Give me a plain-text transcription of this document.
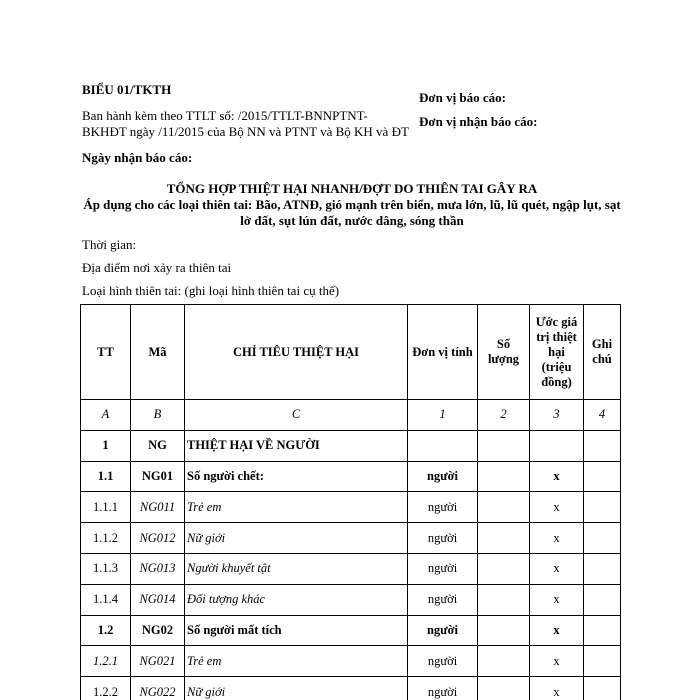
BIỂU 01/TKTH
Ban hành kèm theo TTLT số: /2015/TTLT-BNNPTNT-BKHĐT ngày /11/2015 của Bộ NN và PTNT và Bộ KH và ĐT
Ngày nhận báo cáo:
Đơn vị báo cáo:
Đơn vị nhận báo cáo:
TỔNG HỢP THIỆT HẠI NHANH/ĐỢT DO THIÊN TAI GÂY RA
Áp dụng cho các loại thiên tai: Bão, ATNĐ, gió mạnh trên biển, mưa lớn, lũ, lũ quét, ngập lụt, sạt lở đất, sụt lún đất, nước dâng, sóng thần
Thời gian:
Địa điểm nơi xảy ra thiên tai
Loại hình thiên tai: (ghi loại hình thiên tai cụ thể)
TT	Mã	CHỈ TIÊU THIỆT HẠI	Đơn vị tính	Số lượng	Ước giá trị thiệt hại (triệu đồng)	Ghi chú
A	B	C	1	2	3	4
1	NG	THIỆT HẠI VỀ NGƯỜI				
1.1	NG01	Số người chết:	người		x	
1.1.1	NG011	Trẻ em	người		x	
1.1.2	NG012	Nữ giới	người		x	
1.1.3	NG013	Người khuyết tật	người		x	
1.1.4	NG014	Đối tượng khác	người		x	
1.2	NG02	Số người mất tích	người		x	
1.2.1	NG021	Trẻ em	người		x	
1.2.2	NG022	Nữ giới	người		x	
